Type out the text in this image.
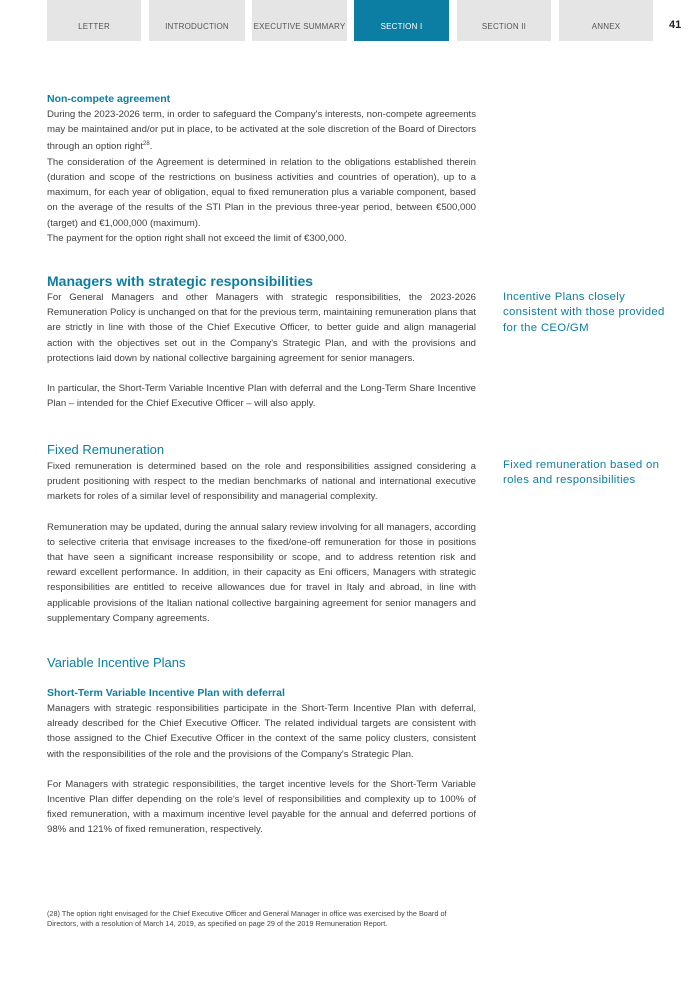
LETTER	INTRODUCTION	EXECUTIVE SUMMARY	SECTION I	SECTION II	ANNEX	41

Non-compete agreement

During the 2023-2026 term, in order to safeguard the Company's interests, non-compete agreements may be maintained and/or put in place, to be activated at the sole discretion of the Board of Directors through an option right$^{28}$.

The consideration of the Agreement is determined in relation to the obligations established therein (duration and scope of the restrictions on business activities and countries of operation), up to a maximum, for each year of obligation, equal to fixed remuneration plus a variable component, based on the average of the results of the STI Plan in the previous three-year period, between €500,000 (target) and €1,000,000 (maximum).

The payment for the option right shall not exceed the limit of €300,000.

Managers with strategic responsibilities

For General Managers and other Managers with strategic responsibilities, the 2023-2026 Remuneration Policy is unchanged on that for the previous term, maintaining remuneration plans that are strictly in line with those of the Chief Executive Officer, to better guide and align managerial action with the objectives set out in the Company's Strategic Plan, and with the provisions and protections laid down by national collective bargaining agreement for senior managers.

In particular, the Short-Term Variable Incentive Plan with deferral and the Long-Term Share Incentive Plan – intended for the Chief Executive Officer – will also apply.

Fixed Remuneration

Fixed remuneration is determined based on the role and responsibilities assigned considering a prudent positioning with respect to the median benchmarks of national and international executive markets for roles of a similar level of responsibility and managerial complexity.

Remuneration may be updated, during the annual salary review involving for all managers, according to selective criteria that envisage increases to the fixed/one-off remuneration for those in positions that have seen a significant increase responsibility or scope, and to address retention risk and reward excellent performance. In addition, in their capacity as Eni officers, Managers with strategic responsibilities are entitled to receive allowances due for travel in Italy and abroad, in line with applicable provisions of the Italian national collective bargaining agreement for senior managers and supplementary Company agreements.

Variable Incentive Plans

Short-Term Variable Incentive Plan with deferral

Managers with strategic responsibilities participate in the Short-Term Incentive Plan with deferral, already described for the Chief Executive Officer. The related individual targets are consistent with those assigned to the Chief Executive Officer in the context of the same policy clusters, consistent with the responsibilities of the role and the provisions of the Company's Strategic Plan.

For Managers with strategic responsibilities, the target incentive levels for the Short-Term Variable Incentive Plan differ depending on the role's level of responsibilities and complexity up to 100% of fixed remuneration, with a maximum incentive level payable for the annual and deferred portions of 98% and 121% of fixed remuneration, respectively.

Incentive Plans closely consistent with those provided for the CEO/GM
Fixed remuneration based on roles and responsibilities
(28) The option right envisaged for the Chief Executive Officer and General Manager in office was exercised by the Board of Directors, with a resolution of March 14, 2019, as specified on page 29 of the 2019 Remuneration Report.
